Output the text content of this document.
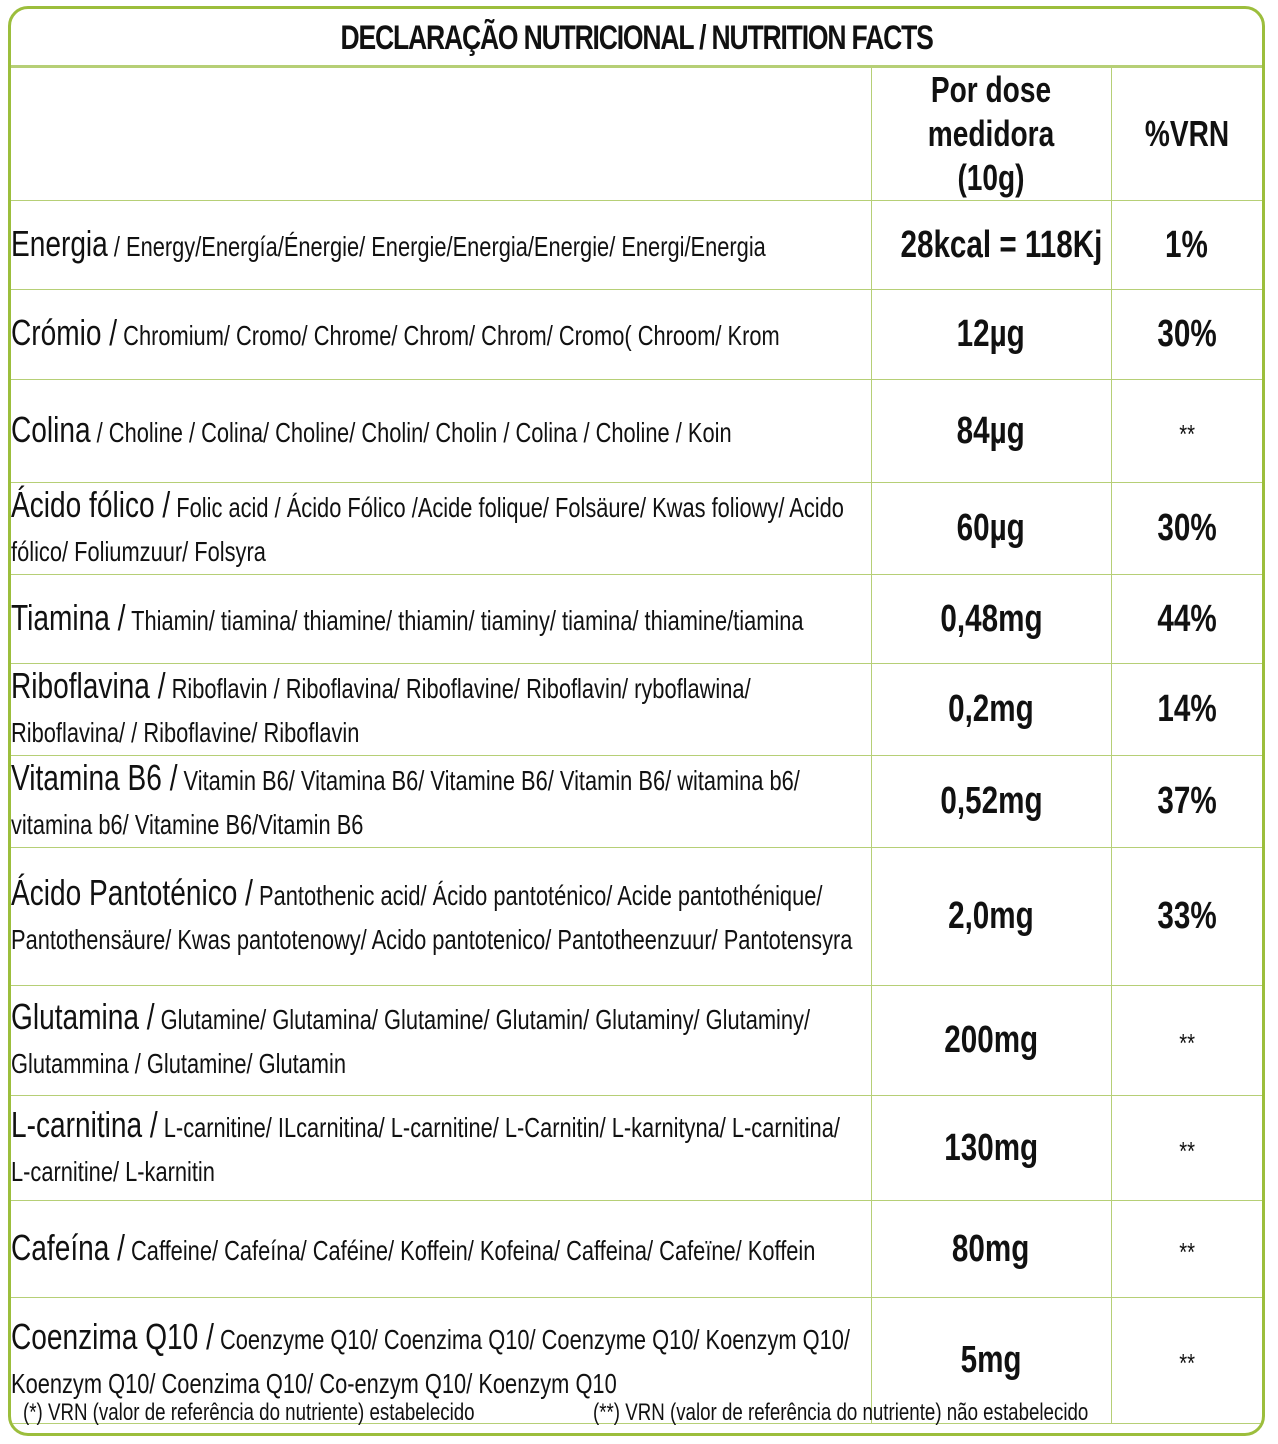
DECLARAÇÃO NUTRICIONAL / NUTRITION FACTS
	Por dose medidora (10g)	%VRN

Energia / Energy/Energía/Énergie/ Energie/Energia/Energie/ Energi/Energia	28kcal = 118Kj	1%

Crómio / Chromium/ Cromo/ Chrome/ Chrom/ Chrom/ Cromo( Chroom/ Krom	12µg	30%

Colina / Choline / Colina/ Choline/ Cholin/ Cholin / Colina / Choline / Koin	84µg	**

Ácido fólico / Folic acid / Ácido Fólico /Acide folique/ Folsäure/ Kwas foliowy/ Acido fólico/ Foliumzuur/ Folsyra	60µg	30%

Tiamina / Thiamin/ tiamina/ thiamine/ thiamin/ tiaminy/ tiamina/ thiamine/tiamina	0,48mg	44%

Riboflavina / Riboflavin / Riboflavina/ Riboflavine/ Riboflavin/ ryboflawina/ Riboflavina/ / Riboflavine/ Riboflavin	0,2mg	14%

Vitamina B6 / Vitamin B6/ Vitamina B6/ Vitamine B6/ Vitamin B6/ witamina b6/ vitamina b6/ Vitamine B6/Vitamin B6	0,52mg	37%

Ácido Pantoténico / Pantothenic acid/ Ácido pantoténico/ Acide pantothénique/ Pantothensäure/ Kwas pantotenowy/ Acido pantotenico/ Pantotheenzuur/ Pantotensyra	2,0mg	33%

Glutamina / Glutamine/ Glutamina/ Glutamine/ Glutamin/ Glutaminy/ Glutaminy/ Glutammina / Glutamine/ Glutamin	200mg	**

L-carnitina / L-carnitine/ ILcarnitina/ L-carnitine/ L-Carnitin/ L-karnityna/ L-carnitina/ L-carnitine/ L-karnitin	130mg	**

Cafeína / Caffeine/ Cafeína/ Caféine/ Koffein/ Kofeina/ Caffeina/ Cafeïne/ Koffein	80mg	**

Coenzima Q10 / Coenzyme Q10/ Coenzima Q10/ Coenzyme Q10/ Koenzym Q10/ Koenzym Q10/ Coenzima Q10/ Co-enzym Q10/ Koenzym Q10	5mg	**
(*) VRN (valor de referência do nutriente) estabelecido	(**) VRN (valor de referência do nutriente) não estabelecido
